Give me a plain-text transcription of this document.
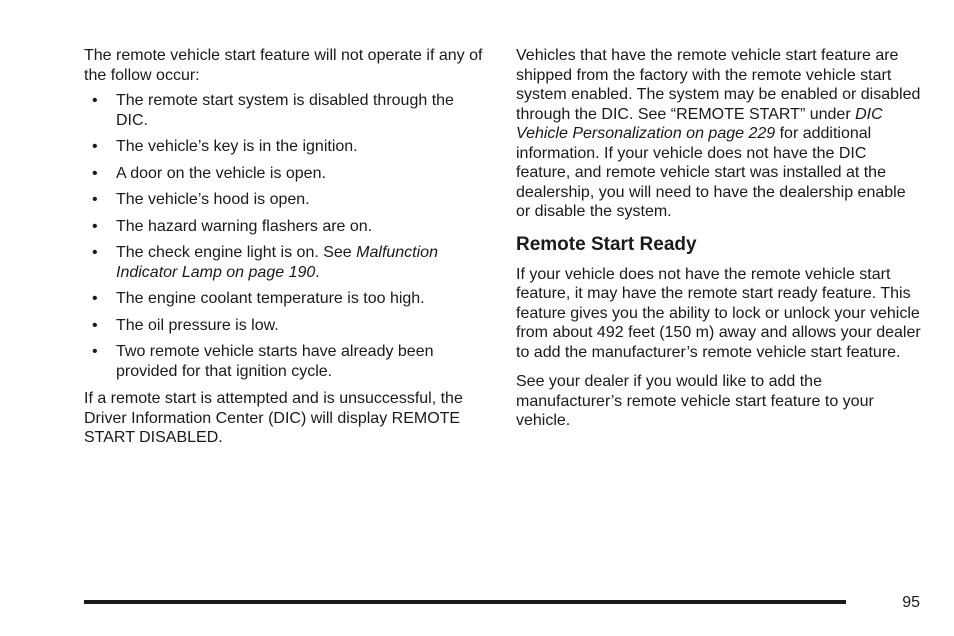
The remote vehicle start feature will not operate if any of the follow occur:

• The remote start system is disabled through the DIC.
• The vehicle’s key is in the ignition.
• A door on the vehicle is open.
• The vehicle’s hood is open.
• The hazard warning flashers are on.
• The check engine light is on. See Malfunction Indicator Lamp on page 190.
• The engine coolant temperature is too high.
• The oil pressure is low.
• Two remote vehicle starts have already been provided for that ignition cycle.

If a remote start is attempted and is unsuccessful, the Driver Information Center (DIC) will display REMOTE START DISABLED.

Vehicles that have the remote vehicle start feature are shipped from the factory with the remote vehicle start system enabled. The system may be enabled or disabled through the DIC. See “REMOTE START” under DIC Vehicle Personalization on page 229 for additional information. If your vehicle does not have the DIC feature, and remote vehicle start was installed at the dealership, you will need to have the dealership enable or disable the system.

Remote Start Ready

If your vehicle does not have the remote vehicle start feature, it may have the remote start ready feature. This feature gives you the ability to lock or unlock your vehicle from about 492 feet (150 m) away and allows your dealer to add the manufacturer’s remote vehicle start feature.

See your dealer if you would like to add the manufacturer’s remote vehicle start feature to your vehicle.

95
